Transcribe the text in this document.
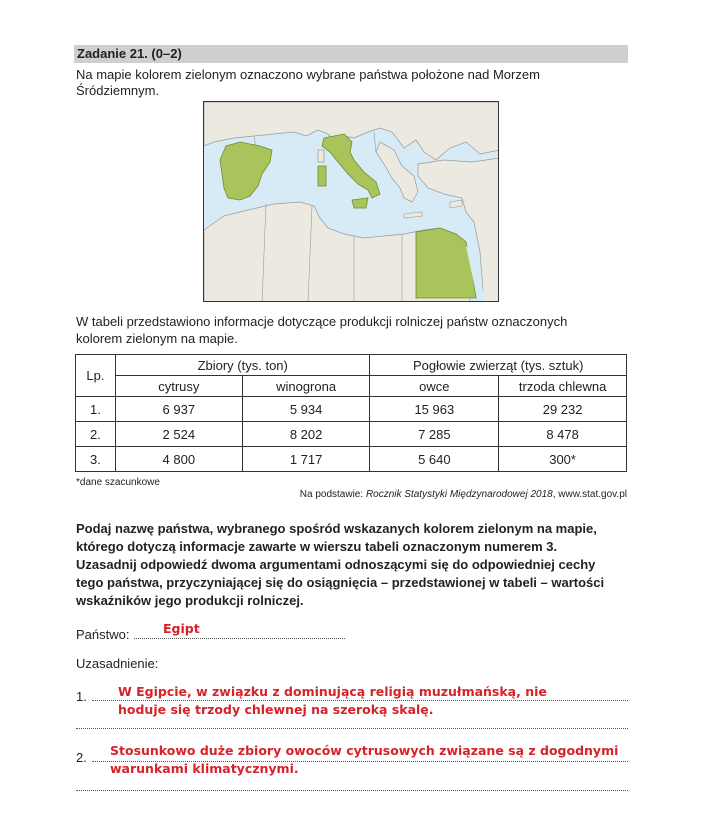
Zadanie 21. (0–2)
Na mapie kolorem zielonym oznaczono wybrane państwa położone nad Morzem
Śródziemnym.
W tabeli przedstawiono informacje dotyczące produkcji rolniczej państw oznaczonych
kolorem zielonym na mapie.
Lp.	Zbiory (tys. ton)		Pogłowie zwierząt (tys. sztuk)	
	cytrusy	winogrona	owce	trzoda chlewna
1.	6 937	5 934	15 963	29 232
2.	2 524	8 202	7 285	8 478
3.	4 800	1 717	5 640	300*
*dane szacunkowe
Na podstawie: Rocznik Statystyki Międzynarodowej 2018, www.stat.gov.pl
Podaj nazwę państwa, wybranego spośród wskazanych kolorem zielonym na mapie,
którego dotyczą informacje zawarte w wierszu tabeli oznaczonym numerem 3.
Uzasadnij odpowiedź dwoma argumentami odnoszącymi się do odpowiedniej cechy
tego państwa, przyczyniającej się do osiągnięcia – przedstawionej w tabeli – wartości
wskaźników jego produkcji rolniczej.
Państwo:	Egipt
Uzasadnienie:
1. W Egipcie, w związku z dominującą religią muzułmańską, nie
hoduje się trzody chlewnej na szeroką skalę.
2. Stosunkowo duże zbiory owoców cytrusowych związane są z dogodnymi
warunkami klimatycznymi.
